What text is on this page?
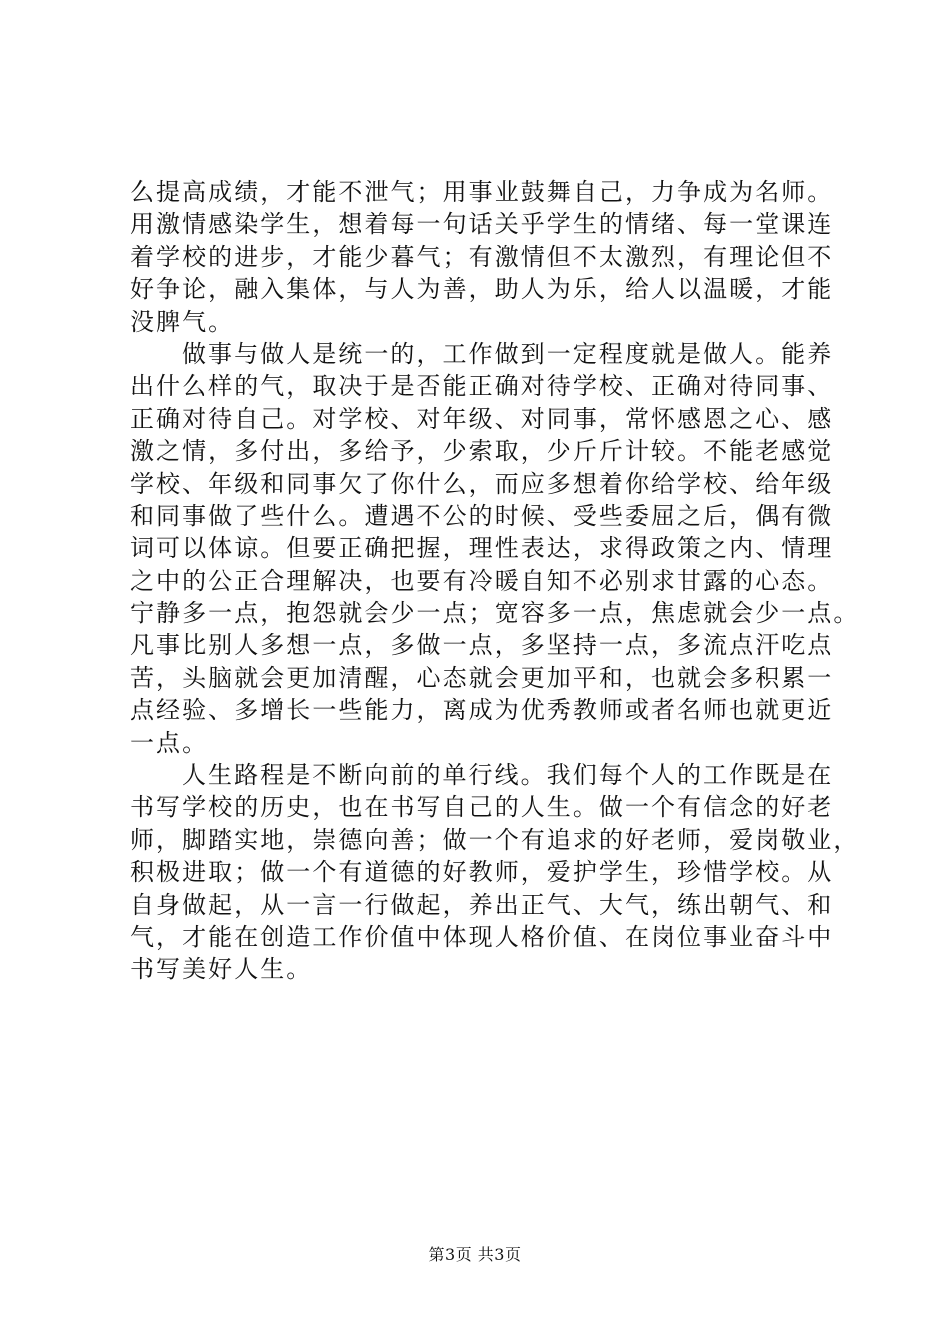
么提高成绩，才能不泄气；用事业鼓舞自己，力争成为名师。
用激情感染学生，想着每一句话关乎学生的情绪、每一堂课连
着学校的进步，才能少暮气；有激情但不太激烈，有理论但不
好争论，融入集体，与人为善，助人为乐，给人以温暖，才能
没脾气。
做事与做人是统一的，工作做到一定程度就是做人。能养
出什么样的气，取决于是否能正确对待学校、正确对待同事、
正确对待自己。对学校、对年级、对同事，常怀感恩之心、感
激之情，多付出，多给予，少索取，少斤斤计较。不能老感觉
学校、年级和同事欠了你什么，而应多想着你给学校、给年级
和同事做了些什么。遭遇不公的时候、受些委屈之后，偶有微
词可以体谅。但要正确把握，理性表达，求得政策之内、情理
之中的公正合理解决，也要有冷暖自知不必别求甘露的心态。
宁静多一点，抱怨就会少一点；宽容多一点，焦虑就会少一点。
凡事比别人多想一点，多做一点，多坚持一点，多流点汗吃点
苦，头脑就会更加清醒，心态就会更加平和，也就会多积累一
点经验、多增长一些能力，离成为优秀教师或者名师也就更近
一点。
人生路程是不断向前的单行线。我们每个人的工作既是在
书写学校的历史，也在书写自己的人生。做一个有信念的好老
师，脚踏实地，崇德向善；做一个有追求的好老师，爱岗敬业，
积极进取；做一个有道德的好教师，爱护学生，珍惜学校。从
自身做起，从一言一行做起，养出正气、大气，练出朝气、和
气，才能在创造工作价值中体现人格价值、在岗位事业奋斗中
书写美好人生。
第3页 共3页
